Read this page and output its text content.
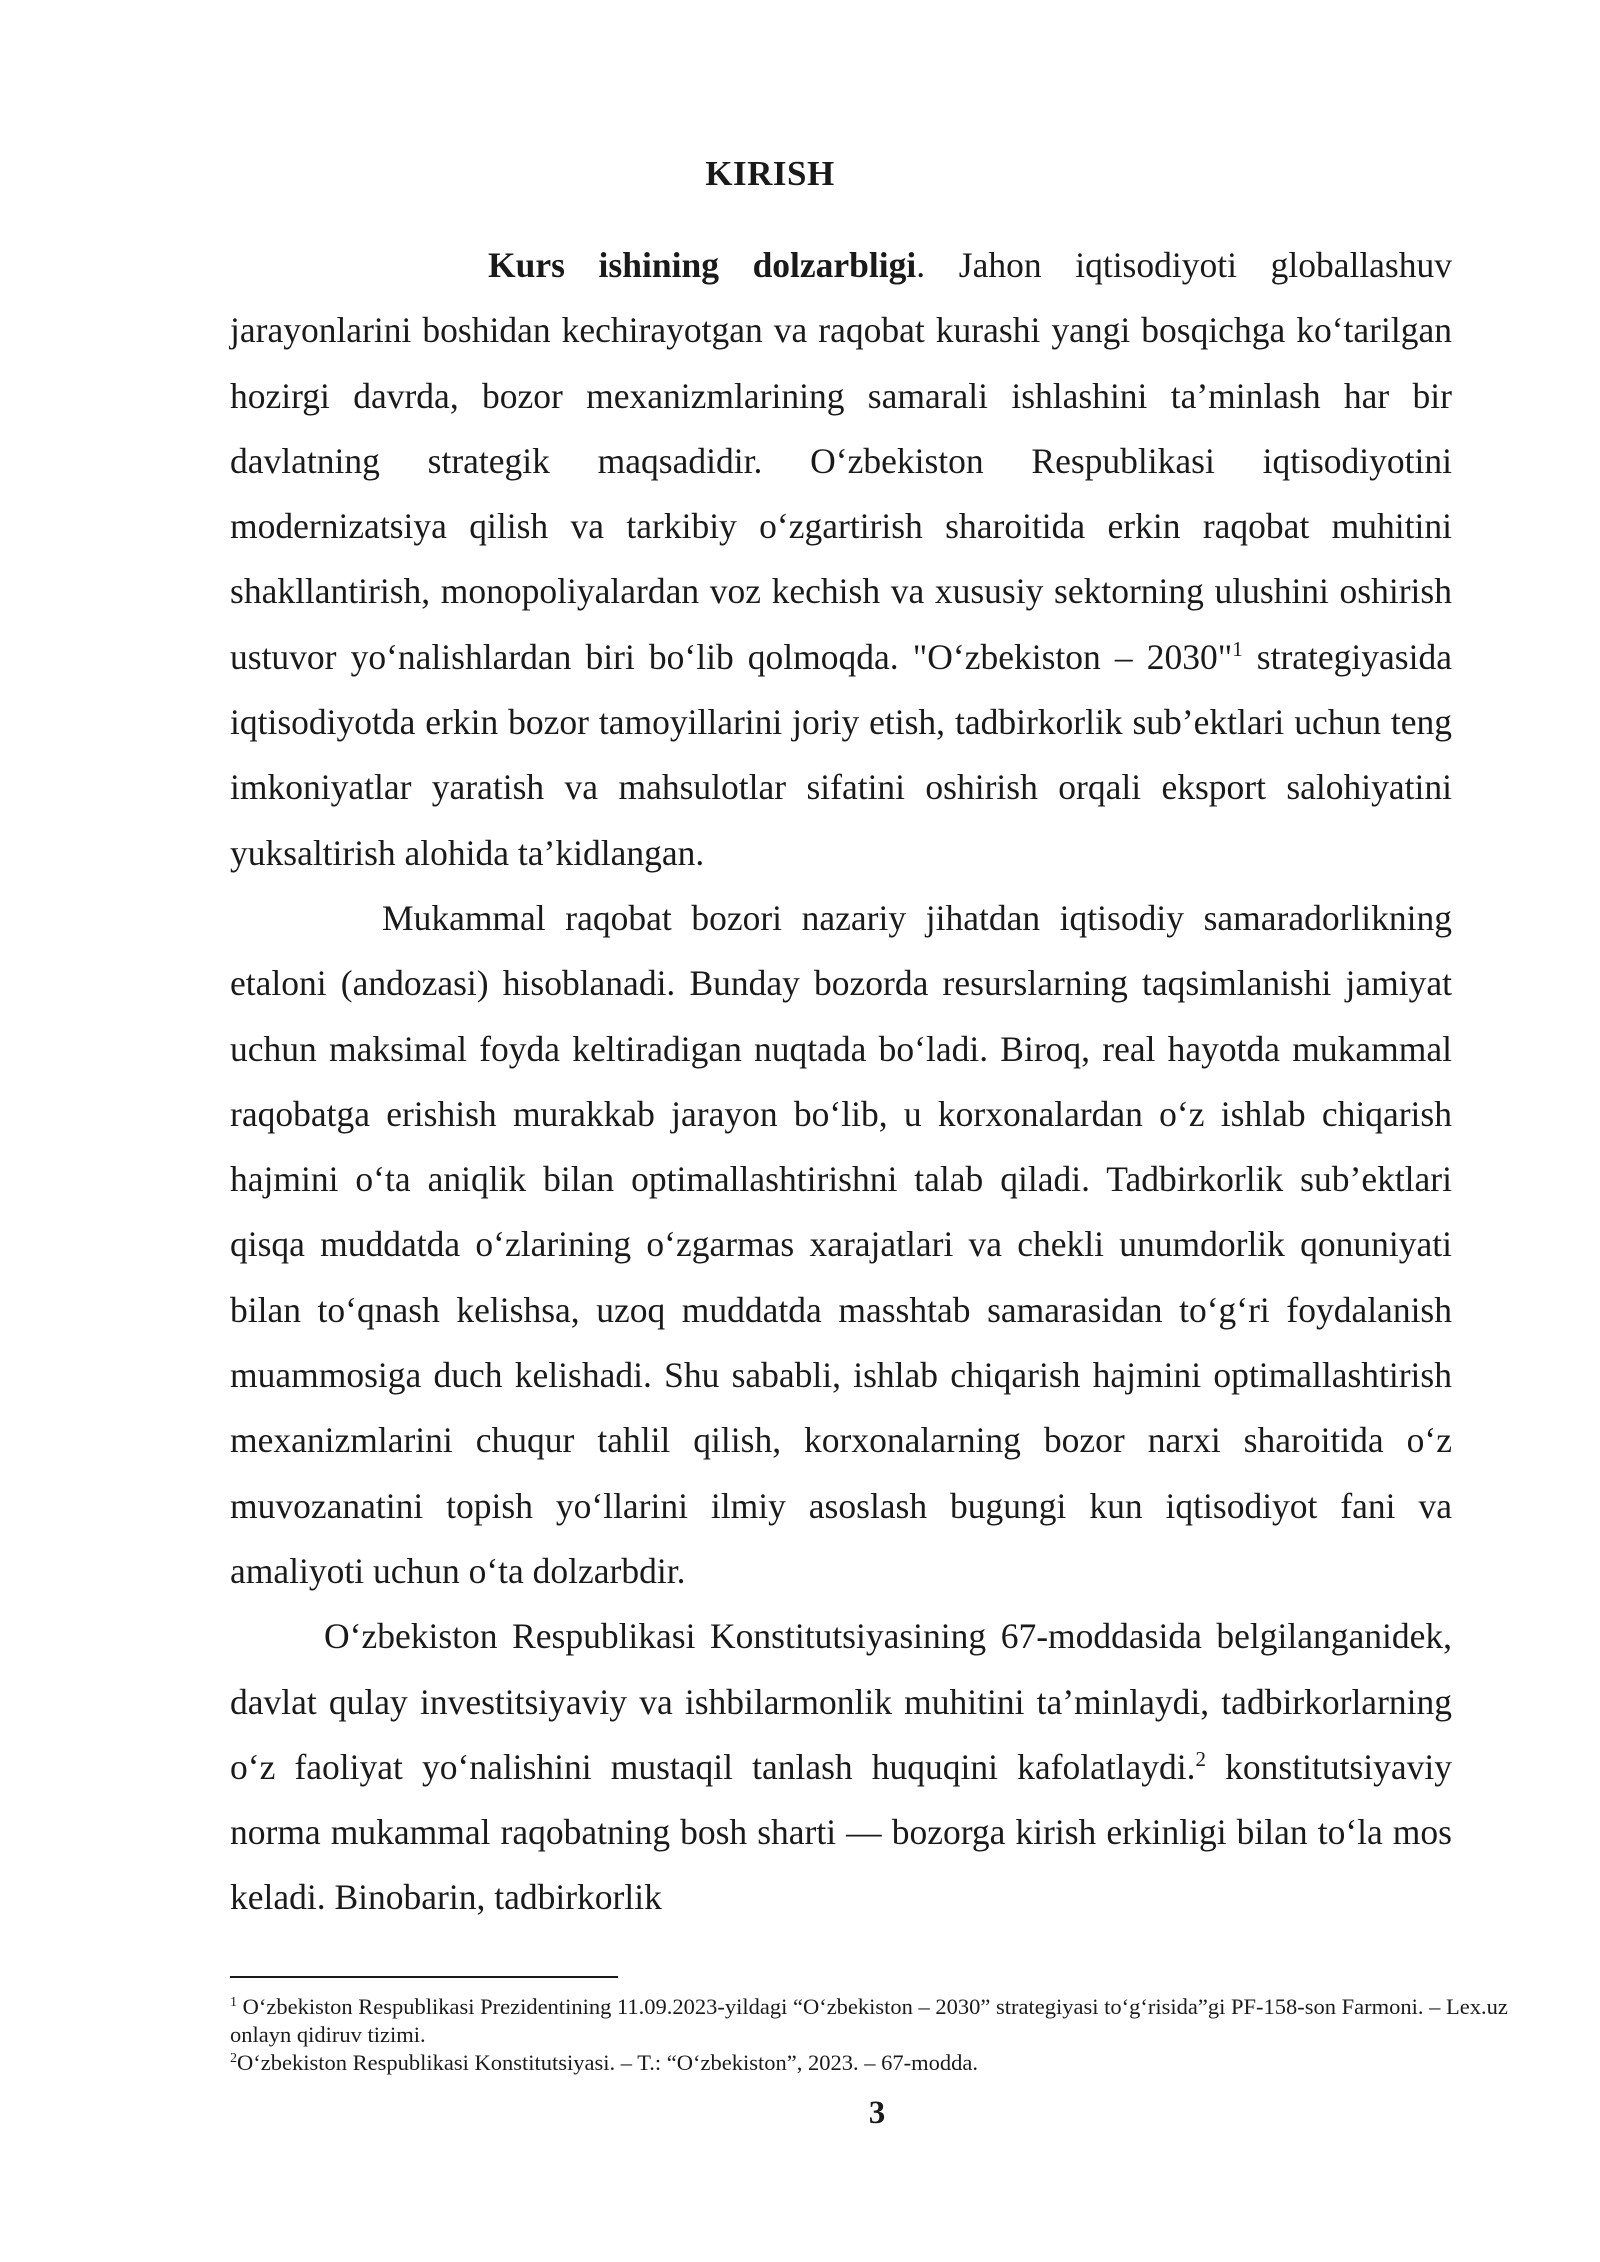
KIRISH

Kurs ishining dolzarbligi. Jahon iqtisodiyoti globallashuv jarayonlarini boshidan kechirayotgan va raqobat kurashi yangi bosqichga ko‘tarilgan hozirgi davrda, bozor mexanizmlarining samarali ishlashini ta’minlash har bir davlatning strategik maqsadidir. O‘zbekiston Respublikasi iqtisodiyotini modernizatsiya qilish va tarkibiy o‘zgartirish sharoitida erkin raqobat muhitini shakllantirish, monopoliyalardan voz kechish va xususiy sektorning ulushini oshirish ustuvor yo‘nalishlardan biri bo‘lib qolmoqda. "O‘zbekiston – 2030"$^1$ strategiyasida iqtisodiyotda erkin bozor tamoyillarini joriy etish, tadbirkorlik sub’ektlari uchun teng imkoniyatlar yaratish va mahsulotlar sifatini oshirish orqali eksport salohiyatini yuksaltirish alohida ta’kidlangan.

Mukammal raqobat bozori nazariy jihatdan iqtisodiy samaradorlikning etaloni (andozasi) hisoblanadi. Bunday bozorda resurslarning taqsimlanishi jamiyat uchun maksimal foyda keltiradigan nuqtada bo‘ladi. Biroq, real hayotda mukammal raqobatga erishish murakkab jarayon bo‘lib, u korxonalardan o‘z ishlab chiqarish hajmini o‘ta aniqlik bilan optimallashtirishni talab qiladi. Tadbirkorlik sub’ektlari qisqa muddatda o‘zlarining o‘zgarmas xarajatlari va chekli unumdorlik qonuniyati bilan to‘qnash kelishsa, uzoq muddatda masshtab samarasidan to‘g‘ri foydalanish muammosiga duch kelishadi. Shu sababli, ishlab chiqarish hajmini optimallashtirish mexanizmlarini chuqur tahlil qilish, korxonalarning bozor narxi sharoitida o‘z muvozanatini topish yo‘llarini ilmiy asoslash bugungi kun iqtisodiyot fani va amaliyoti uchun o‘ta dolzarbdir.

O‘zbekiston Respublikasi Konstitutsiyasining 67-moddasida belgilanganidek, davlat qulay investitsiyaviy va ishbilarmonlik muhitini ta’minlaydi, tadbirkorlarning o‘z faoliyat yo‘nalishini mustaqil tanlash huquqini kafolatlaydi.$^2$ konstitutsiyaviy norma mukammal raqobatning bosh sharti — bozorga kirish erkinligi bilan to‘la mos keladi. Binobarin, tadbirkorlik

$^1$ O‘zbekiston Respublikasi Prezidentining 11.09.2023-yildagi “O‘zbekiston – 2030” strategiyasi to‘g‘risida”gi PF-158-son Farmoni. – Lex.uz onlayn qidiruv tizimi.

$^2$O‘zbekiston Respublikasi Konstitutsiyasi. – T.: “O‘zbekiston”, 2023. – 67-modda.

3
